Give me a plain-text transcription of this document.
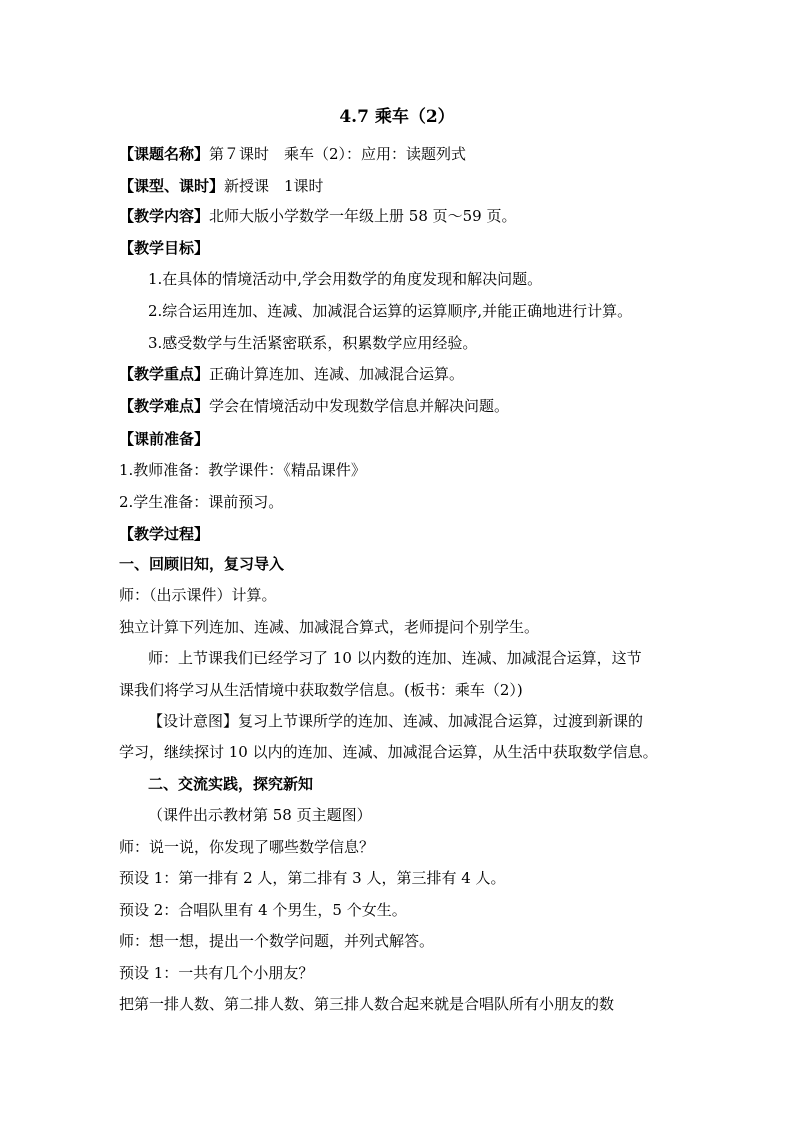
4.7 乘车（2）
【课题名称】第７课时　乘车（2）：应用：读题列式
【课型、课时】新授课　1课时
【教学内容】北师大版小学数学一年级上册 58 页～59 页。
【教学目标】
1.在具体的情境活动中,学会用数学的角度发现和解决问题。
2.综合运用连加、连减、加减混合运算的运算顺序,并能正确地进行计算。
3.感受数学与生活紧密联系，积累数学应用经验。
【教学重点】正确计算连加、连减、加减混合运算。
【教学难点】学会在情境活动中发现数学信息并解决问题。
【课前准备】
1.教师准备：教学课件：《精品课件》
2.学生准备：课前预习。
【教学过程】
一、回顾旧知，复习导入
师：（出示课件）计算。
独立计算下列连加、连减、加减混合算式，老师提问个别学生。
师：上节课我们已经学习了 10 以内数的连加、连减、加减混合运算，这节
课我们将学习从生活情境中获取数学信息。(板书：乘车（2）)
【设计意图】复习上节课所学的连加、连减、加减混合运算，过渡到新课的
学习，继续探讨 10 以内的连加、连减、加减混合运算，从生活中获取数学信息。
二、交流实践，探究新知
（课件出示教材第 58 页主题图）
师：说一说，你发现了哪些数学信息？
预设 1：第一排有 2 人，第二排有 3 人，第三排有 4 人。
预设 2：合唱队里有 4 个男生，5 个女生。
师：想一想，提出一个数学问题，并列式解答。
预设 1：一共有几个小朋友？
把第一排人数、第二排人数、第三排人数合起来就是合唱队所有小朋友的数
